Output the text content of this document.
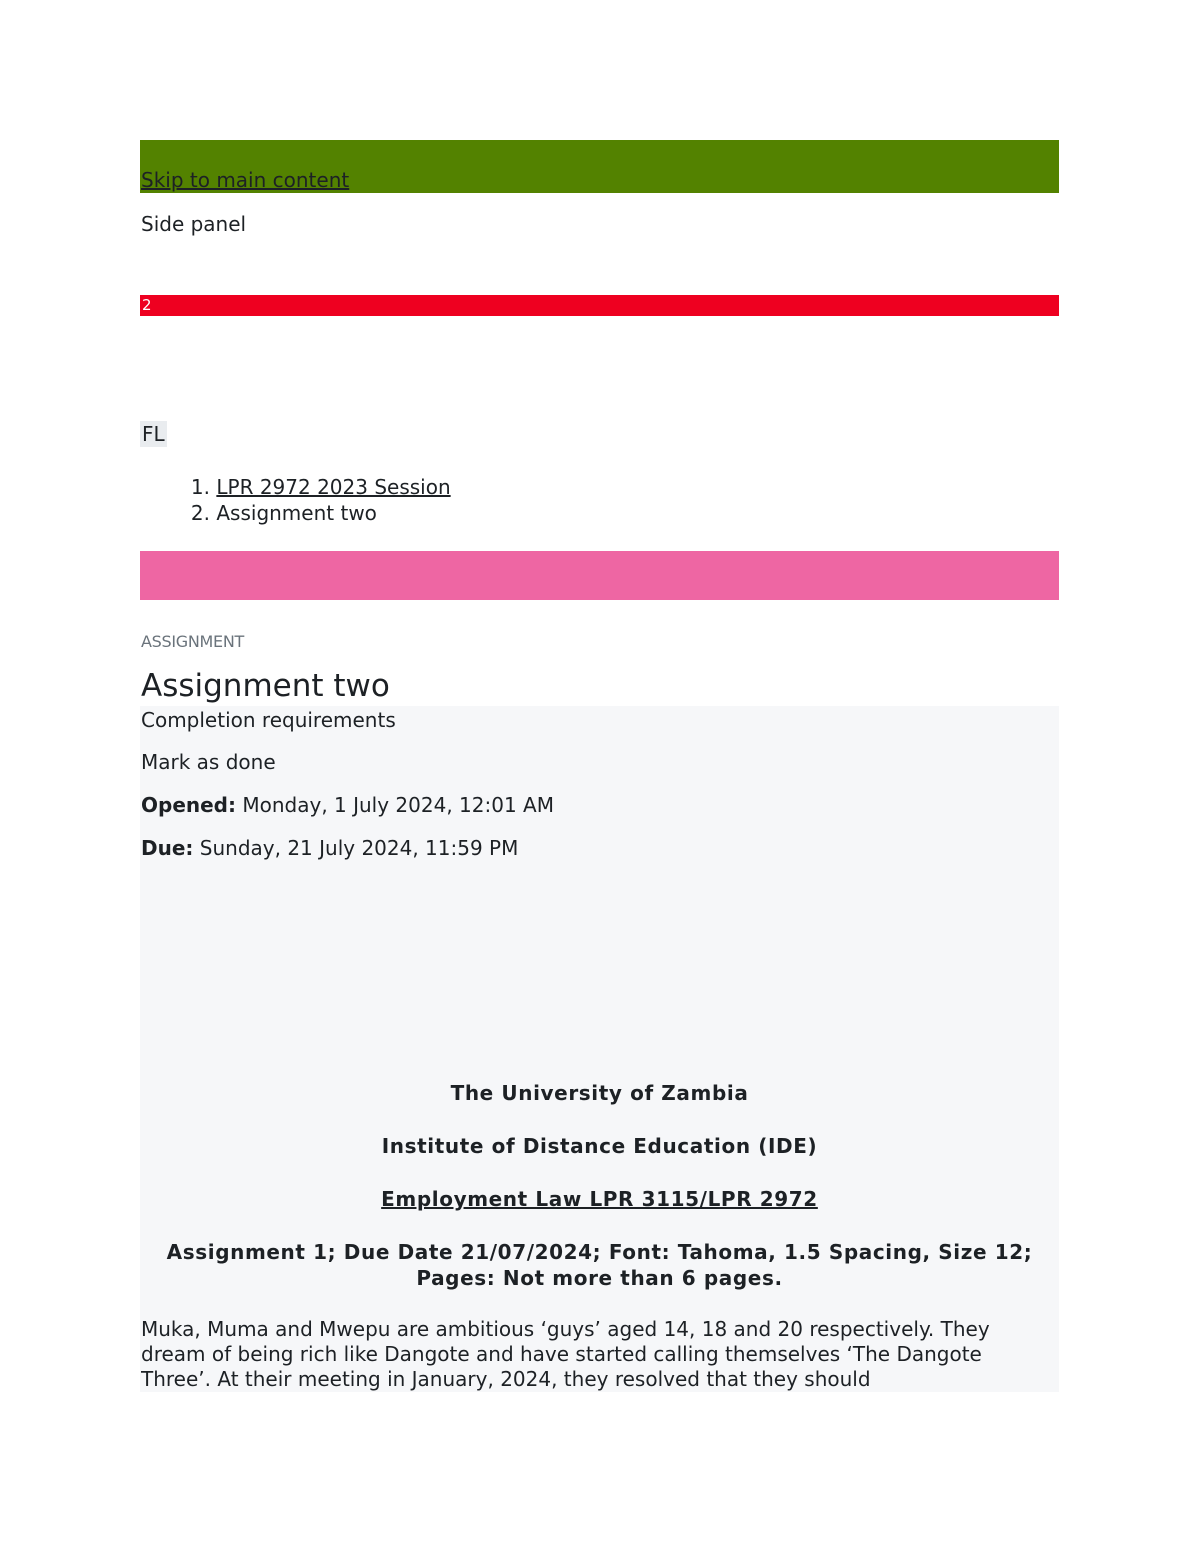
Skip to main content
Side panel
2
FL
1. LPR 2972 2023 Session
2. Assignment two
ASSIGNMENT
Assignment two
Completion requirements
Mark as done
Opened: Monday, 1 July 2024, 12:01 AM
Due: Sunday, 21 July 2024, 11:59 PM
The University of Zambia
Institute of Distance Education (IDE)
Employment Law LPR 3115/LPR 2972
Assignment 1; Due Date 21/07/2024; Font: Tahoma, 1.5 Spacing, Size 12;
Pages: Not more than 6 pages.
Muka, Muma and Mwepu are ambitious ‘guys’ aged 14, 18 and 20 respectively. They dream of being rich like Dangote and have started calling themselves ‘The Dangote Three’. At their meeting in January, 2024, they resolved that they should
